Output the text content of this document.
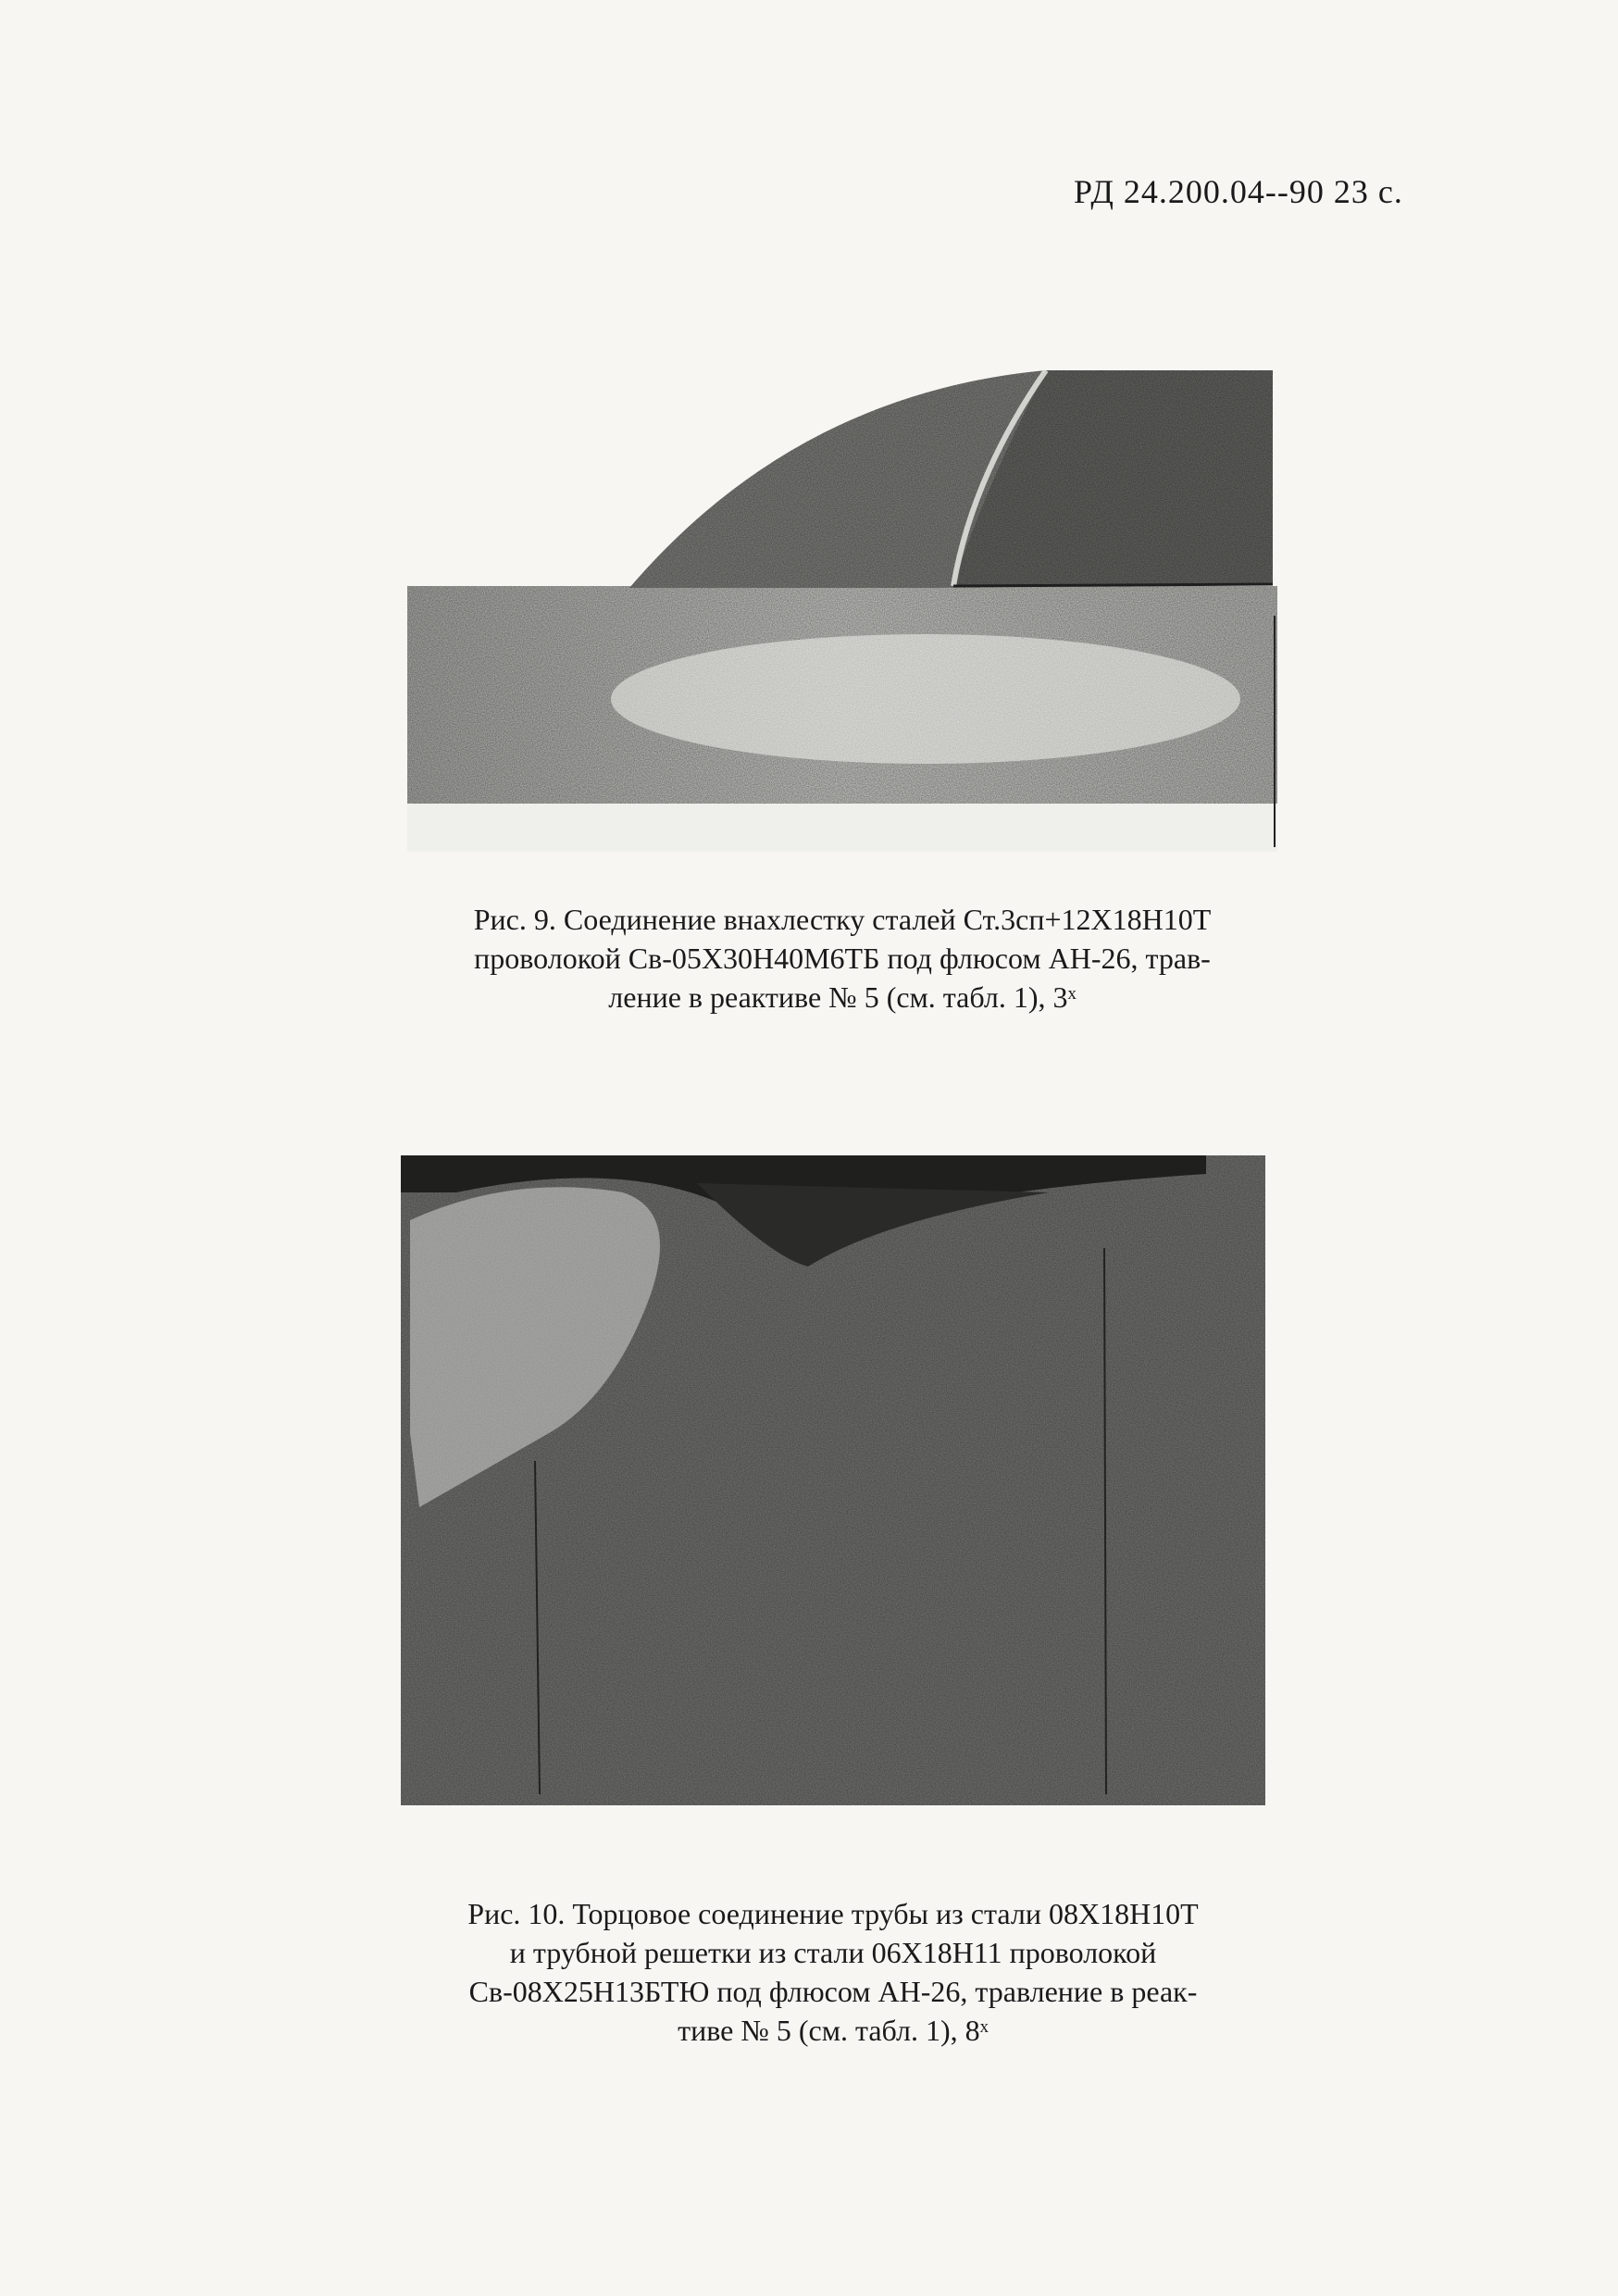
РД 24.200.04--90 23 с.
Рис. 9. Соединение внахлестку сталей Ст.3сп+12Х18Н10Т
проволокой Св-05Х30Н40М6ТБ под флюсом АН-26, трав-
ление в реактиве № 5 (см. табл. 1), 3ˣ
Рис. 10. Торцовое соединение трубы из стали 08Х18Н10Т
и трубной решетки из стали 06Х18Н11 проволокой
Св-08Х25Н13БТЮ под флюсом АН-26, травление в реак-
тиве № 5 (см. табл. 1), 8ˣ
